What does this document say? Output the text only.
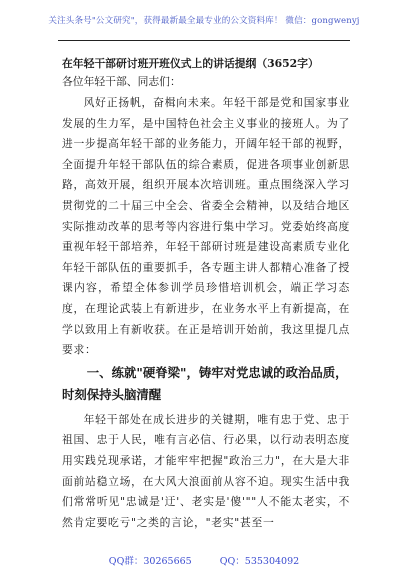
关注头条号"公文研究"，获得最新最全最专业的公文资料库！ 微信：gongwenyj

在年轻干部研讨班开班仪式上的讲话提纲（3652字）

各位年轻干部、同志们：

风好正扬帆，奋楫向未来。年轻干部是党和国家事业发展的生力军，是中国特色社会主义事业的接班人。为了进一步提高年轻干部的业务能力，开阔年轻干部的视野，全面提升年轻干部队伍的综合素质，促进各项事业创新思路，高效开展，组织开展本次培训班。重点围绕深入学习贯彻党的二十届三中全会、省委全会精神，以及结合地区实际推动改革的思考等内容进行集中学习。党委始终高度重视年轻干部培养，年轻干部研讨班是建设高素质专业化年轻干部队伍的重要抓手，各专题主讲人都精心准备了授课内容，希望全体参训学员珍惜培训机会，端正学习态度，在理论武装上有新进步，在业务水平上有新提高，在学以致用上有新收获。在正是培训开始前，我这里提几点要求：

一、练就"硬脊梁"，铸牢对党忠诚的政治品质，时刻保持头脑清醒

年轻干部处在成长进步的关键期，唯有忠于党、忠于祖国、忠于人民，唯有言必信、行必果，以行动表明态度用实践兑现承诺，才能牢牢把握"政治三力"，在大是大非面前站稳立场，在大风大浪面前从容不迫。现实生活中我们常常听见"忠诚是'迂'、老实是'傻'""人不能太老实，不然肯定要吃亏"之类的言论，"老实"甚至一

QQ群：30265665	QQ：535304092
